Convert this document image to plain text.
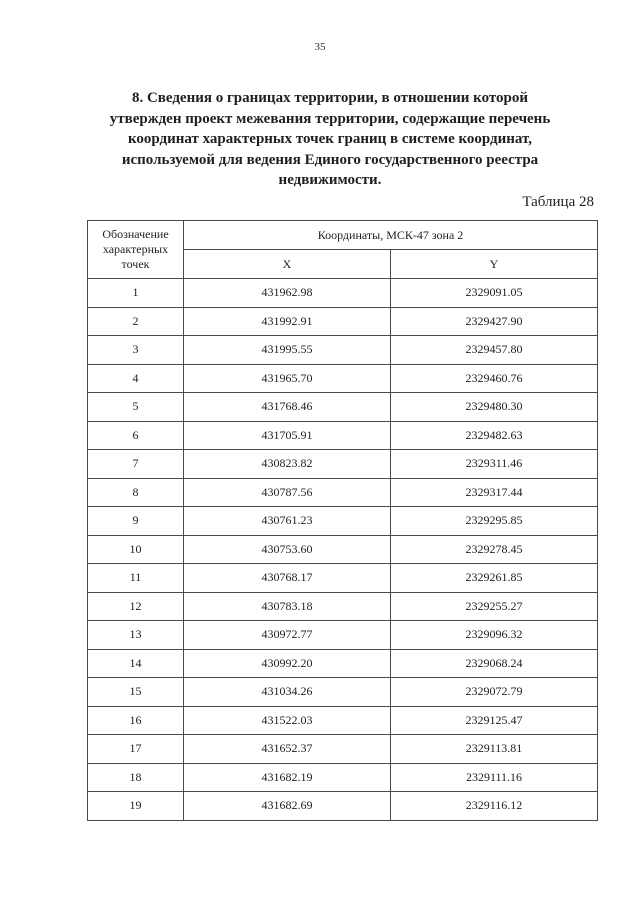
35
8. Сведения о границах территории, в отношении которой утвержден проект межевания территории, содержащие перечень координат характерных точек границ в системе координат, используемой для ведения Единого государственного реестра недвижимости.
Таблица 28
Обозначение характерных точек	Координаты, МСК-47 зона 2	
	X	Y
1	431962.98	2329091.05
2	431992.91	2329427.90
3	431995.55	2329457.80
4	431965.70	2329460.76
5	431768.46	2329480.30
6	431705.91	2329482.63
7	430823.82	2329311.46
8	430787.56	2329317.44
9	430761.23	2329295.85
10	430753.60	2329278.45
11	430768.17	2329261.85
12	430783.18	2329255.27
13	430972.77	2329096.32
14	430992.20	2329068.24
15	431034.26	2329072.79
16	431522.03	2329125.47
17	431652.37	2329113.81
18	431682.19	2329111.16
19	431682.69	2329116.12
